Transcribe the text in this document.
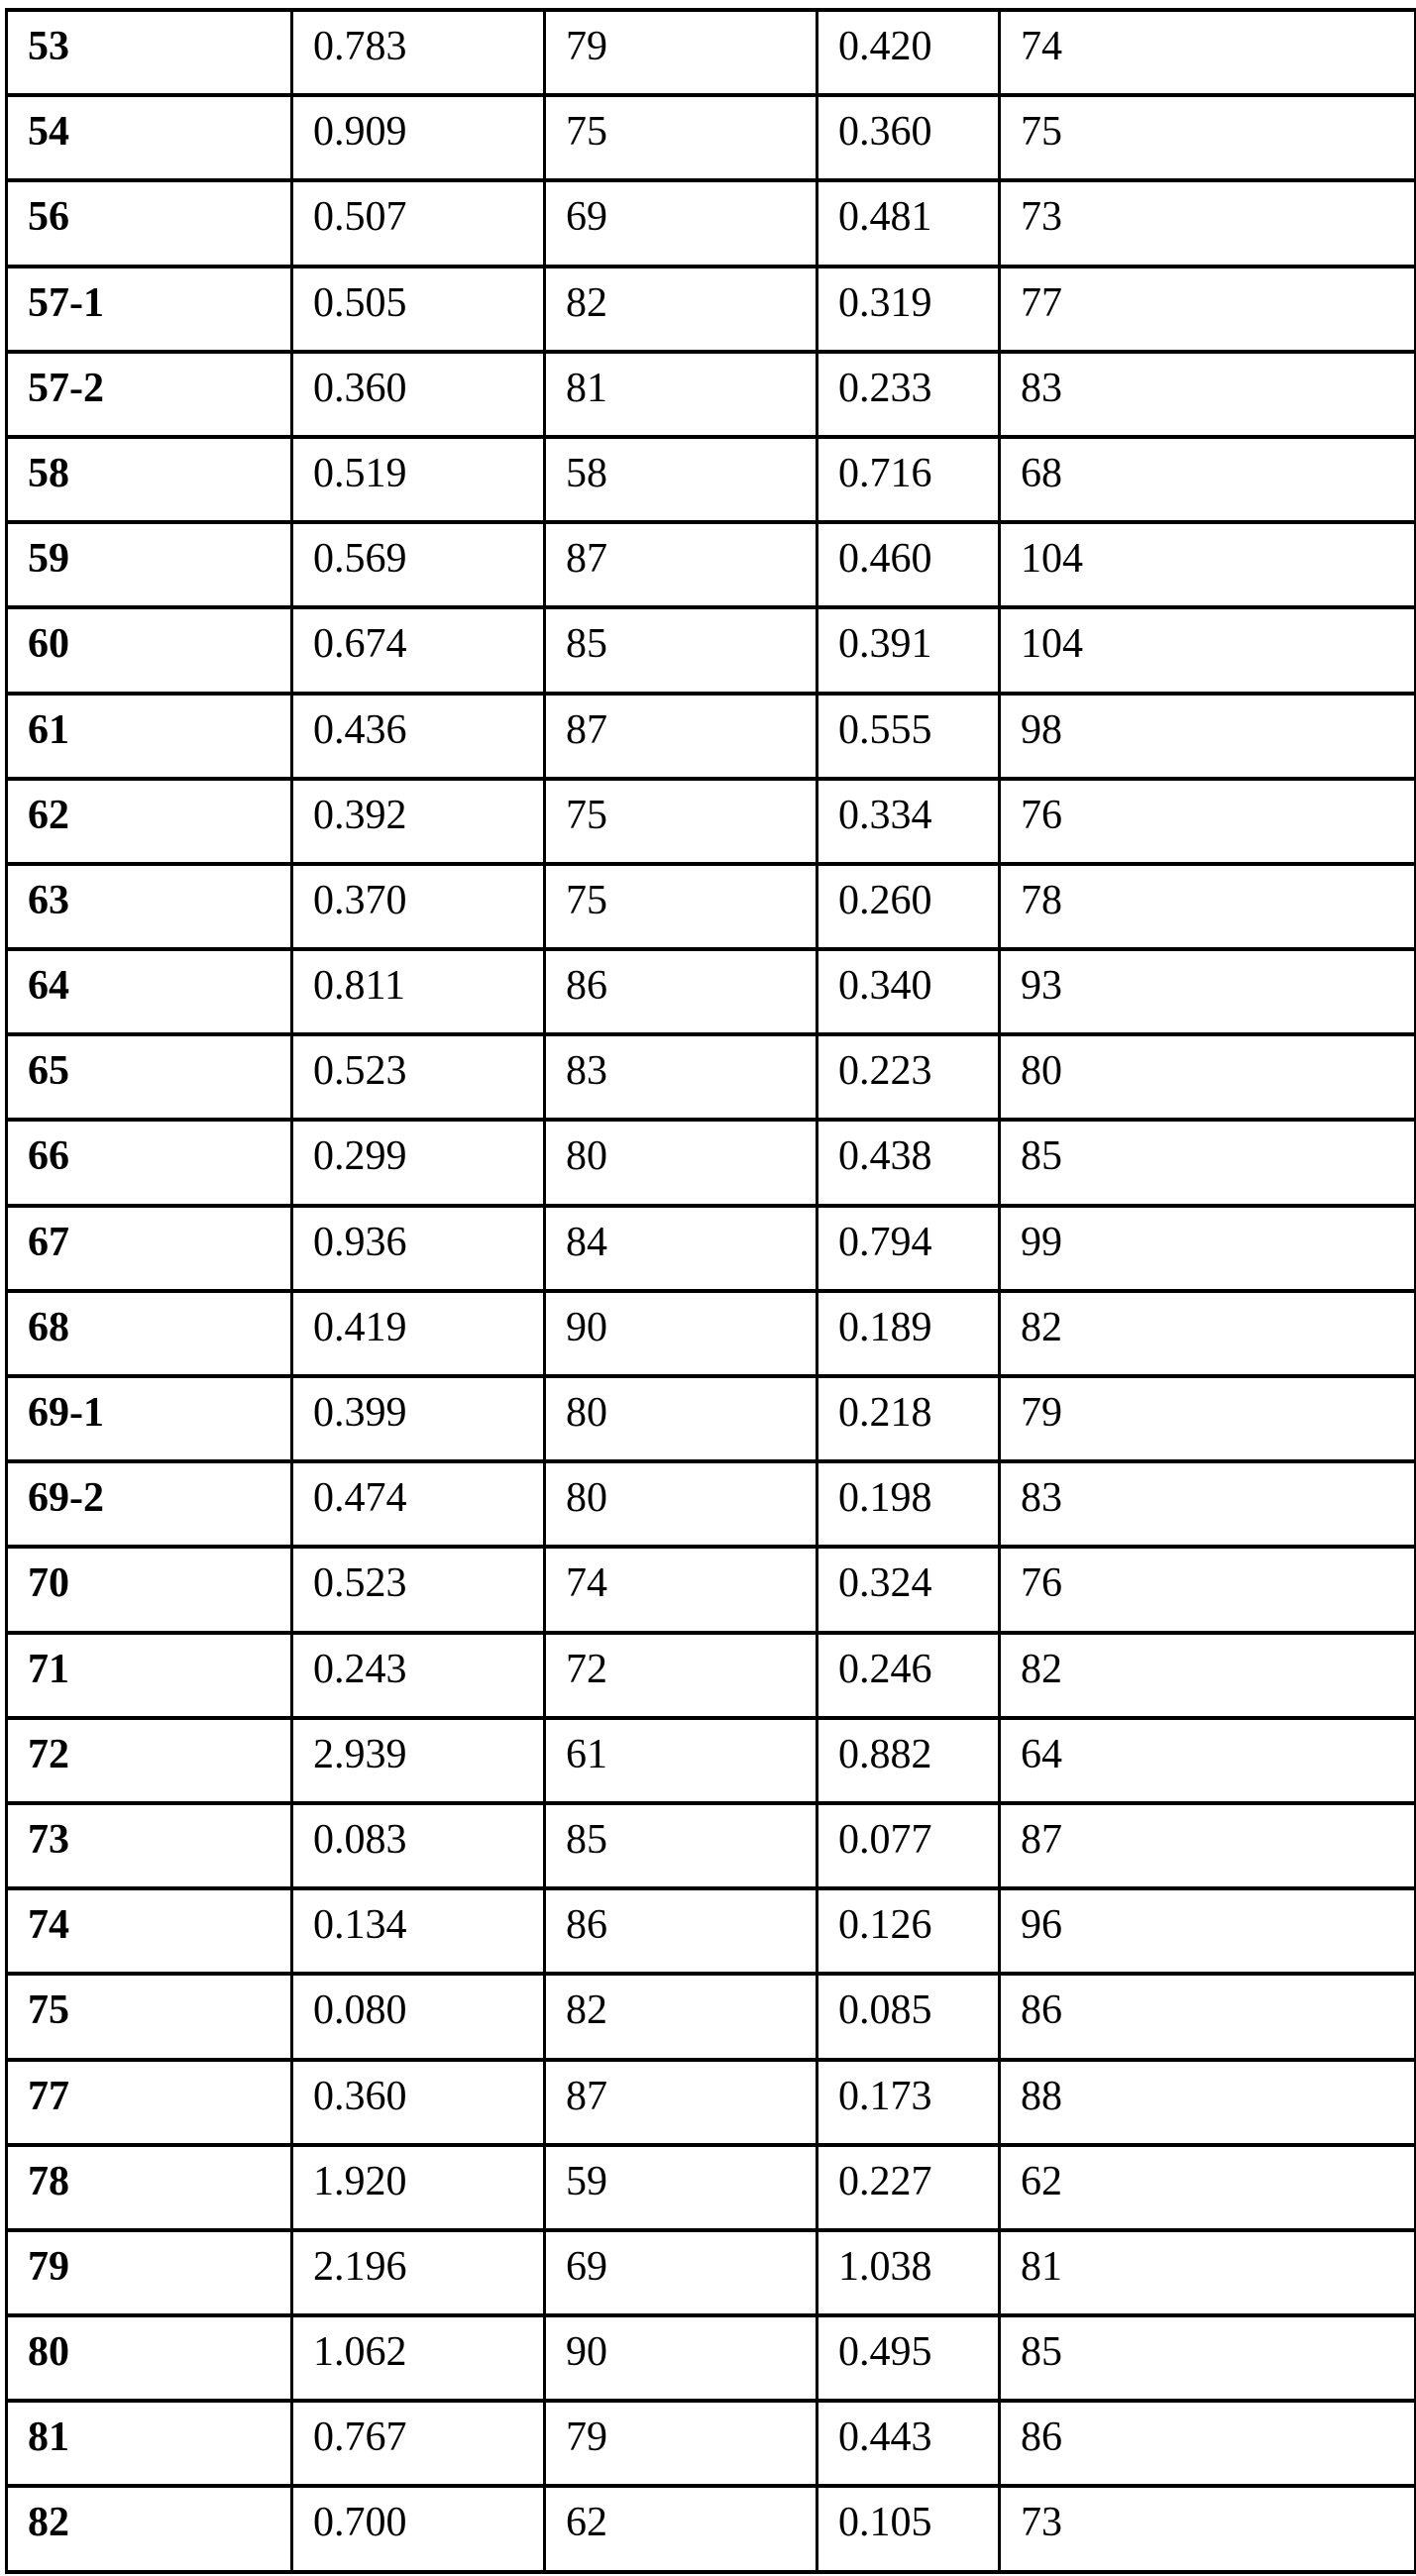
53	0.783	79	0.420	74
54	0.909	75	0.360	75
56	0.507	69	0.481	73
57-1	0.505	82	0.319	77
57-2	0.360	81	0.233	83
58	0.519	58	0.716	68
59	0.569	87	0.460	104
60	0.674	85	0.391	104
61	0.436	87	0.555	98
62	0.392	75	0.334	76
63	0.370	75	0.260	78
64	0.811	86	0.340	93
65	0.523	83	0.223	80
66	0.299	80	0.438	85
67	0.936	84	0.794	99
68	0.419	90	0.189	82
69-1	0.399	80	0.218	79
69-2	0.474	80	0.198	83
70	0.523	74	0.324	76
71	0.243	72	0.246	82
72	2.939	61	0.882	64
73	0.083	85	0.077	87
74	0.134	86	0.126	96
75	0.080	82	0.085	86
77	0.360	87	0.173	88
78	1.920	59	0.227	62
79	2.196	69	1.038	81
80	1.062	90	0.495	85
81	0.767	79	0.443	86
82	0.700	62	0.105	73
